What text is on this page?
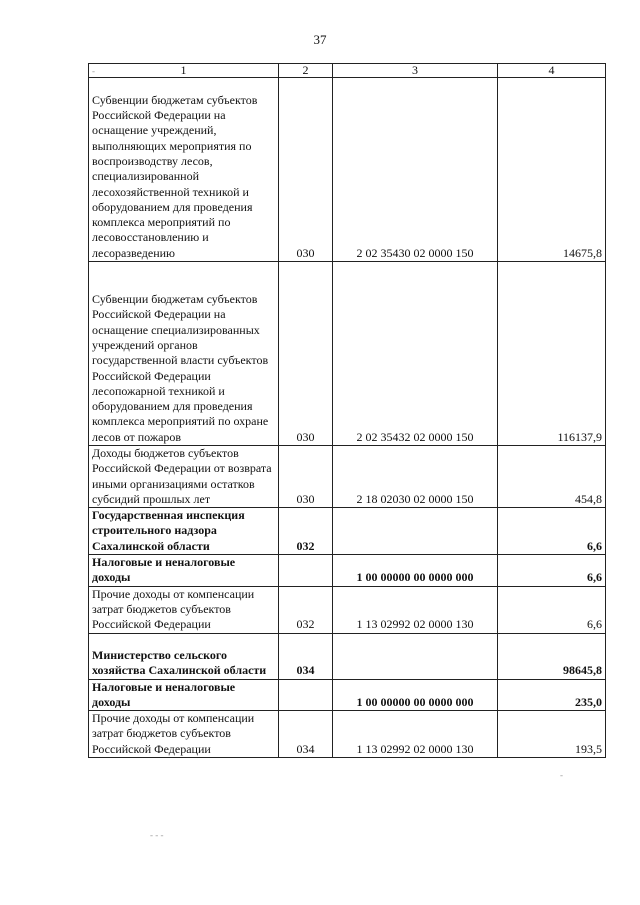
37
1	2	3	4
Субвенции бюджетам субъектов Российской Федерации на оснащение учреждений, выполняющих мероприятия по воспроизводству лесов, специализированной лесохозяйственной техникой и оборудованием для проведения комплекса мероприятий по лесовосстановлению и лесоразведению	030	2 02 35430 02 0000 150	14675,8
Субвенции бюджетам субъектов Российской Федерации на оснащение специализированных учреждений органов государственной власти субъектов Российской Федерации лесопожарной техникой и оборудованием для проведения комплекса мероприятий по охране лесов от пожаров	030	2 02 35432 02 0000 150	116137,9
Доходы бюджетов субъектов Российской Федерации от возврата иными организациями остатков субсидий прошлых лет	030	2 18 02030 02 0000 150	454,8
Государственная инспекция строительного надзора Сахалинской области	032		6,6
Налоговые и неналоговые доходы		1 00 00000 00 0000 000	6,6
Прочие доходы от компенсации затрат бюджетов субъектов Российской Федерации	032	1 13 02992 02 0000 130	6,6
Министерство сельского хозяйства Сахалинской области	034		98645,8
Налоговые и неналоговые доходы		1 00 00000 00 0000 000	235,0
Прочие доходы от компенсации затрат бюджетов субъектов Российской Федерации	034	1 13 02992 02 0000 130	193,5
-
- - -
-
